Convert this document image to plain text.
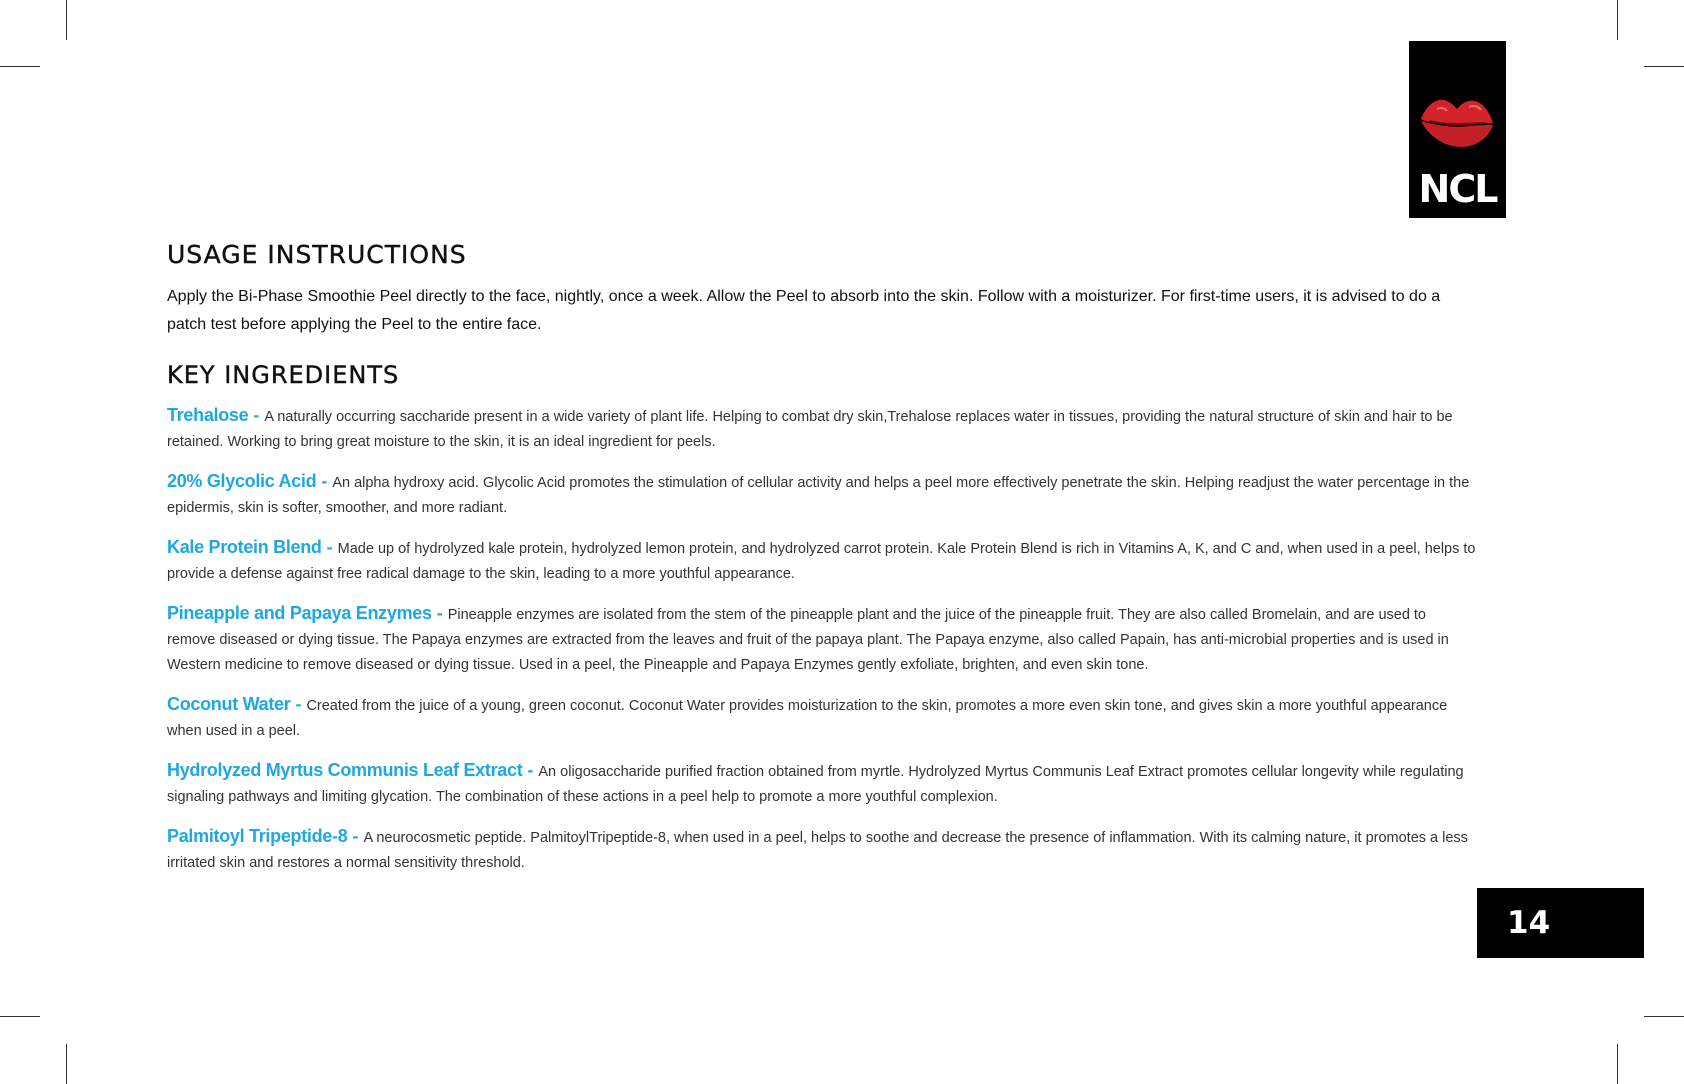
NCL
USAGE INSTRUCTIONS

Apply the Bi-Phase Smoothie Peel directly to the face, nightly, once a week. Allow the Peel to absorb into the skin. Follow with a moisturizer. For first-time users, it is advised to do a patch test before applying the Peel to the entire face.

KEY INGREDIENTS

Trehalose - A naturally occurring saccharide present in a wide variety of plant life. Helping to combat dry skin,Trehalose replaces water in tissues, providing the natural structure of skin and hair to be retained. Working to bring great moisture to the skin, it is an ideal ingredient for peels.

20% Glycolic Acid - An alpha hydroxy acid. Glycolic Acid promotes the stimulation of cellular activity and helps a peel more effectively penetrate the skin. Helping readjust the water percentage in the epidermis, skin is softer, smoother, and more radiant.

Kale Protein Blend - Made up of hydrolyzed kale protein, hydrolyzed lemon protein, and hydrolyzed carrot protein. Kale Protein Blend is rich in Vitamins A, K, and C and, when used in a peel, helps to provide a defense against free radical damage to the skin, leading to a more youthful appearance.

Pineapple and Papaya Enzymes - Pineapple enzymes are isolated from the stem of the pineapple plant and the juice of the pineapple fruit. They are also called Bromelain, and are used to remove diseased or dying tissue. The Papaya enzymes are extracted from the leaves and fruit of the papaya plant. The Papaya enzyme, also called Papain, has anti-microbial properties and is used in Western medicine to remove diseased or dying tissue. Used in a peel, the Pineapple and Papaya Enzymes gently exfoliate, brighten, and even skin tone.

Coconut Water - Created from the juice of a young, green coconut. Coconut Water provides moisturization to the skin, promotes a more even skin tone, and gives skin a more youthful appearance when used in a peel.

Hydrolyzed Myrtus Communis Leaf Extract - An oligosaccharide purified fraction obtained from myrtle. Hydrolyzed Myrtus Communis Leaf Extract promotes cellular longevity while regulating signaling pathways and limiting glycation. The combination of these actions in a peel help to promote a more youthful complexion.

Palmitoyl Tripeptide-8 - A neurocosmetic peptide. PalmitoylTripeptide-8, when used in a peel, helps to soothe and decrease the presence of inflammation. With its calming nature, it promotes a less irritated skin and restores a normal sensitivity threshold.

14
